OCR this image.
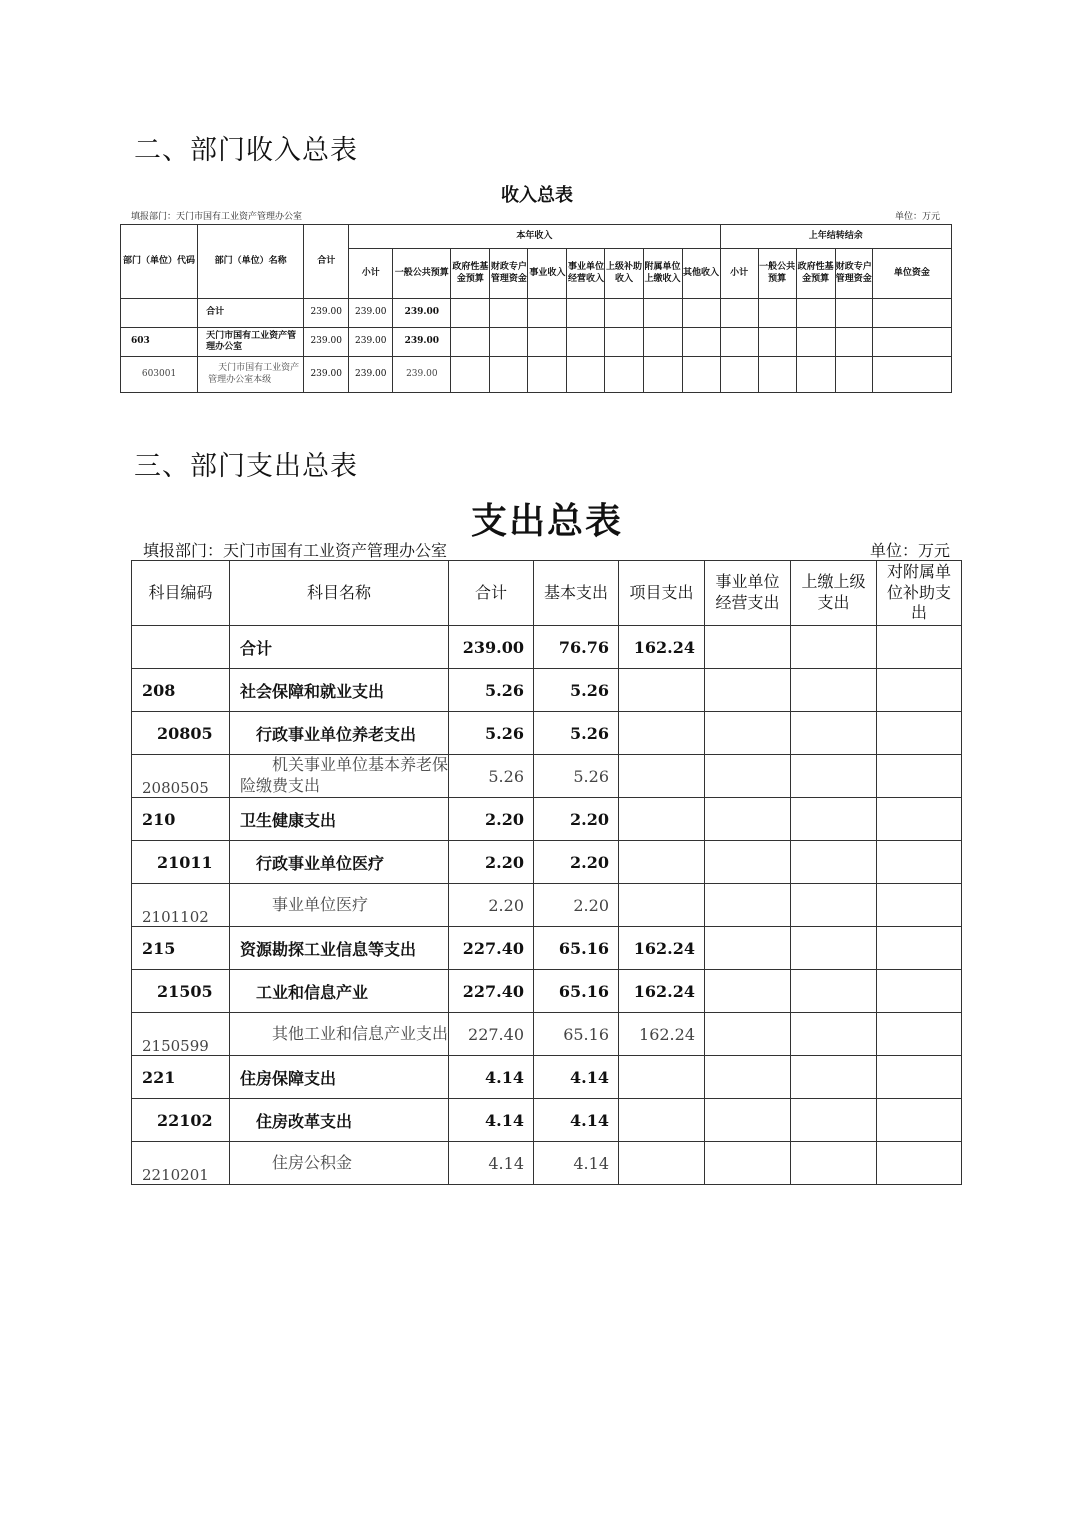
二、部门收入总表
收入总表
填报部门：天门市国有工业资产管理办公室	单位：万元
部门（单位）代码	部门（单位）名称	合计	本年收入									上年结转结余				
			小计	一般公共预算	政府性基金预算	财政专户管理资金	事业收入	事业单位经营收入	上级补助收入	附属单位上缴收入	其他收入	小计	一般公共预算	政府性基金预算	财政专户管理资金	单位资金
	合计	239.00	239.00	239.00												
603	天门市国有工业资产管理办公室	239.00	239.00	239.00												
603001	天门市国有工业资产管理办公室本级	239.00	239.00	239.00												
三、部门支出总表
支出总表
填报部门：天门市国有工业资产管理办公室	单位：万元
科目编码	科目名称	合计	基本支出	项目支出	事业单位经营支出	上缴上级支出	对附属单位补助支出
	合计	239.00	76.76	162.24			
208	社会保障和就业支出	5.26	5.26				
20805	行政事业单位养老支出	5.26	5.26				
2080505	机关事业单位基本养老保险缴费支出	5.26	5.26				
210	卫生健康支出	2.20	2.20				
21011	行政事业单位医疗	2.20	2.20				
2101102	事业单位医疗	2.20	2.20				
215	资源勘探工业信息等支出	227.40	65.16	162.24			
21505	工业和信息产业	227.40	65.16	162.24			
2150599	其他工业和信息产业支出	227.40	65.16	162.24			
221	住房保障支出	4.14	4.14				
22102	住房改革支出	4.14	4.14				
2210201	住房公积金	4.14	4.14				
